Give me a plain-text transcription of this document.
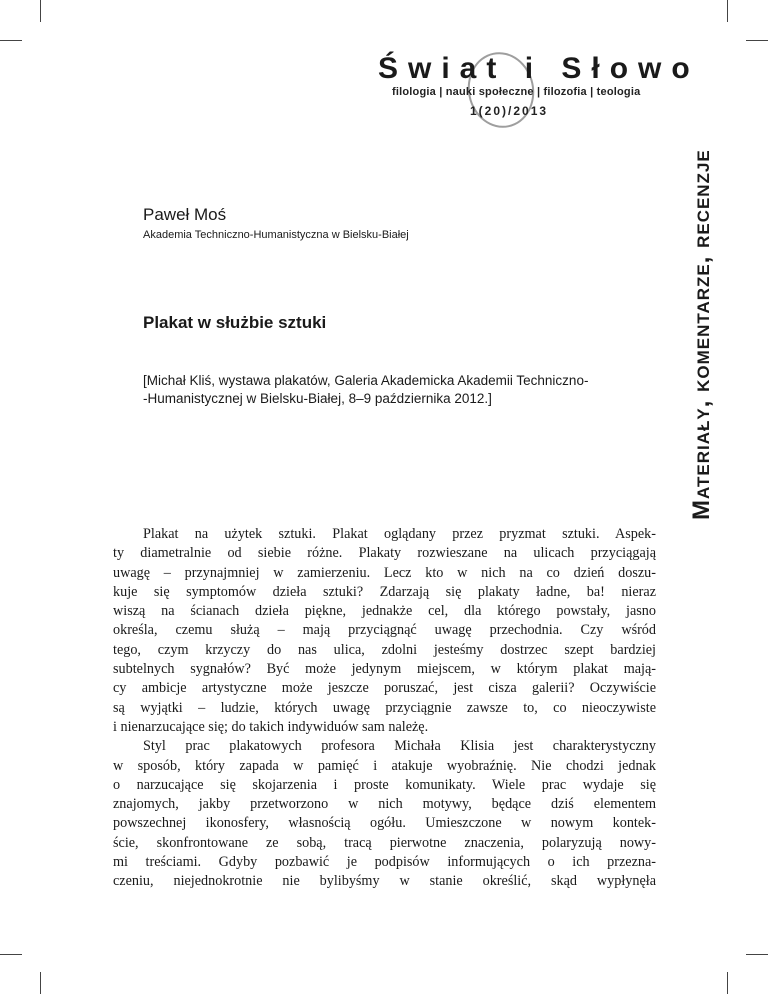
Świat i Słowo
filologia | nauki społeczne | filozofia | teologia
1(20)/2013
Materiały, komentarze, recenzje
Paweł Moś
Akademia Techniczno-Humanistyczna w Bielsku-Białej
Plakat w służbie sztuki
[Michał Kliś, wystawa plakatów, Galeria Akademicka Akademii Techniczno-
-Humanistycznej w Bielsku-Białej, 8–9 października 2012.]
Plakat na użytek sztuki. Plakat oglądany przez pryzmat sztuki. Aspek-
ty diametralnie od siebie różne. Plakaty rozwieszane na ulicach przyciągają
uwagę – przynajmniej w zamierzeniu. Lecz kto w nich na co dzień doszu-
kuje się symptomów dzieła sztuki? Zdarzają się plakaty ładne, ba! nieraz
wiszą na ścianach dzieła piękne, jednakże cel, dla którego powstały, jasno
określa, czemu służą – mają przyciągnąć uwagę przechodnia. Czy wśród
tego, czym krzyczy do nas ulica, zdolni jesteśmy dostrzec szept bardziej
subtelnych sygnałów? Być może jedynym miejscem, w którym plakat mają-
cy ambicje artystyczne może jeszcze poruszać, jest cisza galerii? Oczywiście
są wyjątki – ludzie, których uwagę przyciągnie zawsze to, co nieoczywiste
i nienarzucające się; do takich indywiduów sam należę.
Styl prac plakatowych profesora Michała Klisia jest charakterystyczny
w sposób, który zapada w pamięć i atakuje wyobraźnię. Nie chodzi jednak
o narzucające się skojarzenia i proste komunikaty. Wiele prac wydaje się
znajomych, jakby przetworzono w nich motywy, będące dziś elementem
powszechnej ikonosfery, własnością ogółu. Umieszczone w nowym kontek-
ście, skonfrontowane ze sobą, tracą pierwotne znaczenia, polaryzują nowy-
mi treściami. Gdyby pozbawić je podpisów informujących o ich przezna-
czeniu, niejednokrotnie nie bylibyśmy w stanie określić, skąd wypłynęła
